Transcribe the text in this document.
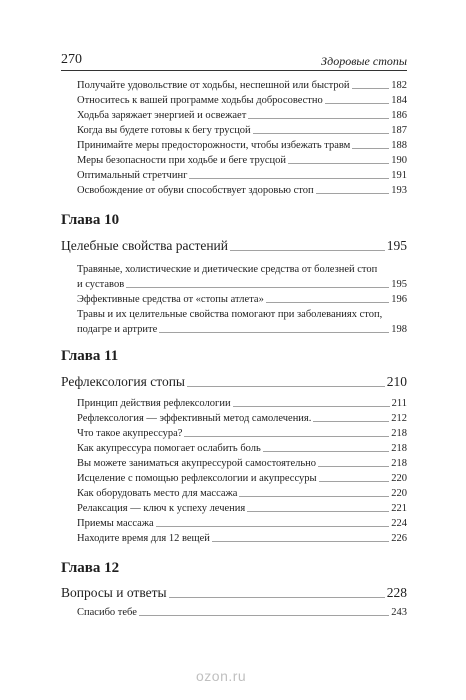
270	Здоровые стопы
Получайте удовольствие от ходьбы, неспешной или быстрой	182
Относитесь к вашей программе ходьбы добросовестно	184
Ходьба заряжает энергией и освежает	186
Когда вы будете готовы к бегу трусцой	187
Принимайте меры предосторожности, чтобы избежать травм	188
Меры безопасности при ходьбе и беге трусцой	190
Оптимальный стретчинг	191
Освобождение от обуви способствует здоровью стоп	193
Глава 10
Целебные свойства растений	195
Травяные, холистические и диетические средства от болезней стоп
и суставов	195
Эффективные средства от «стопы атлета»	196
Травы и их целительные свойства помогают при заболеваниях стоп,
подагре и артрите	198
Глава 11
Рефлексология стопы	210
Принцип действия рефлексологии	211
Рефлексология — эффективный метод самолечения.	212
Что такое акупрессура?	218
Как акупрессура помогает ослабить боль	218
Вы можете заниматься акупрессурой самостоятельно	218
Исцеление с помощью рефлексологии и акупрессуры	220
Как оборудовать место для массажа	220
Релаксация — ключ к успеху лечения	221
Приемы массажа	224
Находите время для 12 вещей	226
Глава 12
Вопросы и ответы	228
Спасибо тебе	243
ozon.ru
